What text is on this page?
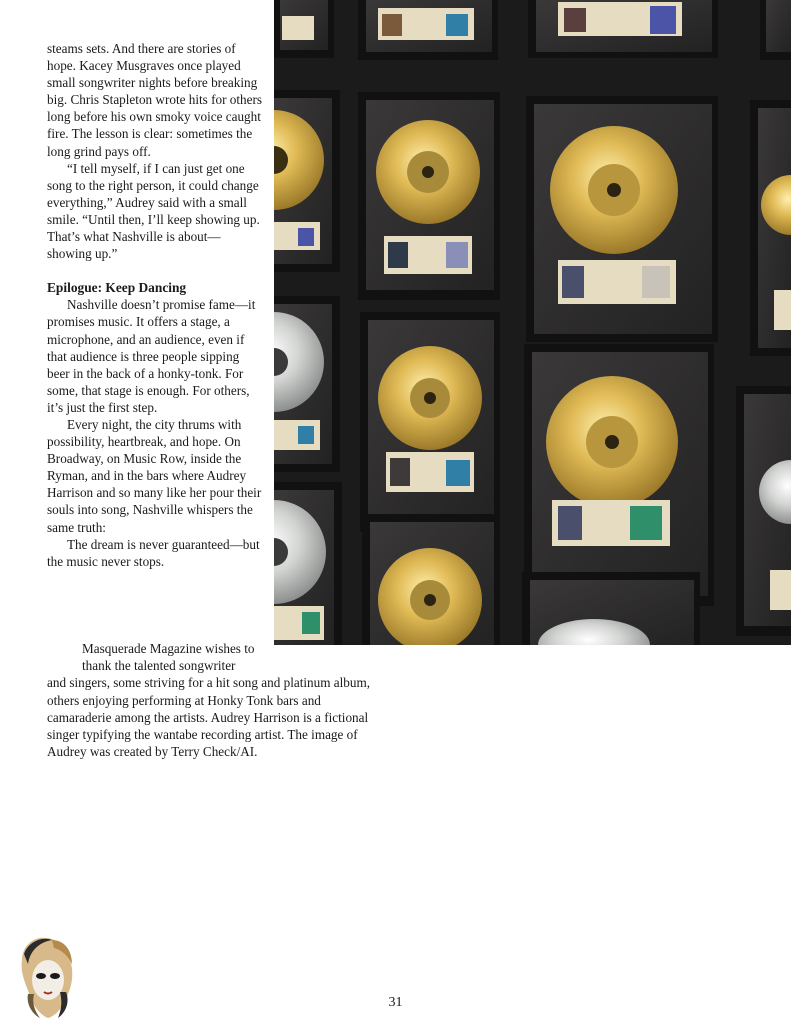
steams sets. And there are stories of hope. Kacey Musgraves once played small songwriter nights before breaking big. Chris Stapleton wrote hits for others long before his own smoky voice caught fire. The lesson is clear: sometimes the long grind pays off.

“I tell myself, if I can just get one song to the right person, it could change everything,” Audrey said with a small smile. “Until then, I’ll keep showing up. That’s what Nashville is about—showing up.”

Epilogue: Keep Dancing

Nashville doesn’t promise fame—it promises music. It offers a stage, a microphone, and an audience, even if that audience is three people sipping beer in the back of a honky-tonk. For some, that stage is enough. For others, it’s just the first step.

Every night, the city thrums with possibility, heartbreak, and hope. On Broadway, on Music Row, inside the Ryman, and in the bars where Audrey Harrison and so many like her pour their souls into song, Nashville whispers the same truth:

The dream is never guaranteed—but the music never stops.

Masquerade Magazine wishes to thank the talented songwriter

and singers, some striving for a hit song and platinum album, others enjoying performing at Honky Tonk bars and camaraderie among the artists. Audrey Harrison is a fictional singer typifying the wantabe recording artist. The image of Audrey was created by Terry Check/AI.

31
